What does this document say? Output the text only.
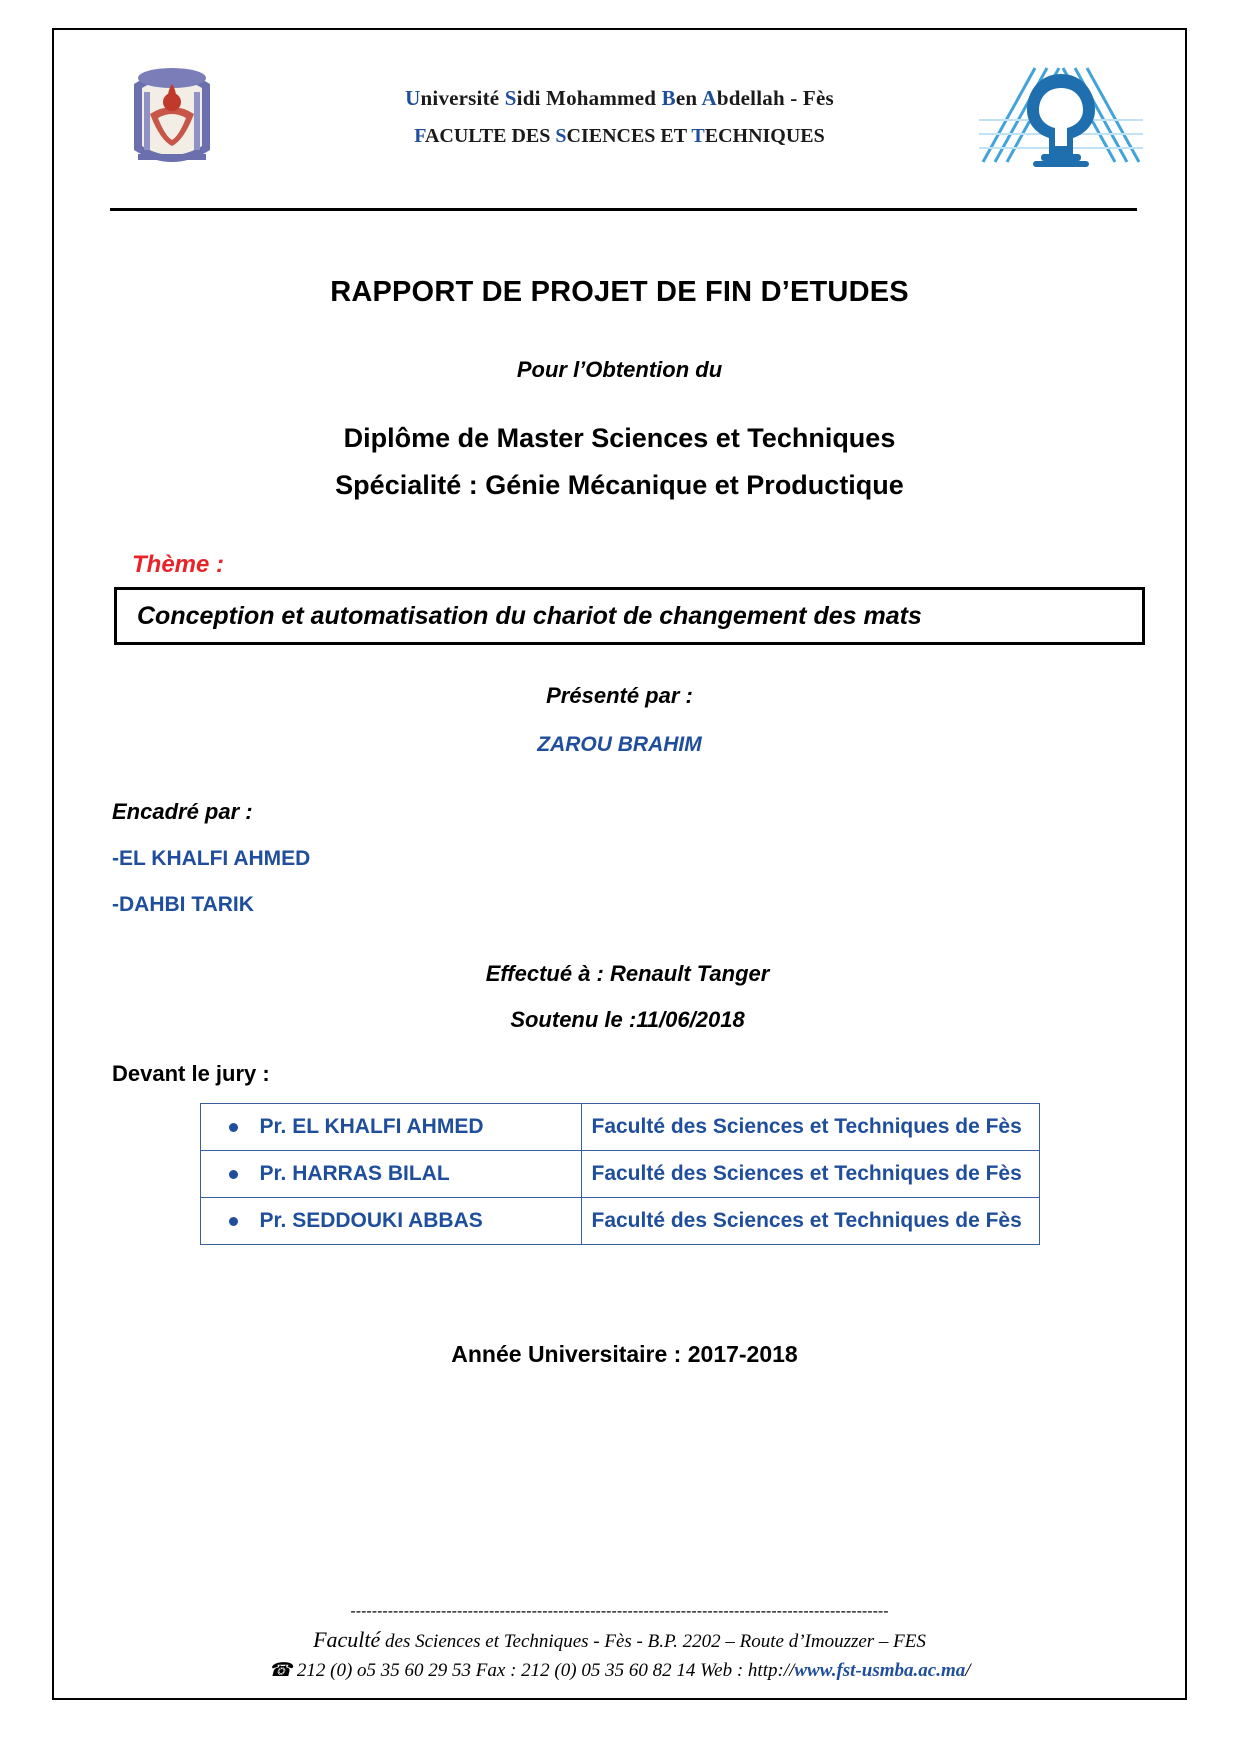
Université Sidi Mohammed Ben Abdellah - Fès
FACULTE DES SCIENCES ET TECHNIQUES
RAPPORT DE PROJET DE FIN D’ETUDES
Pour l’Obtention du
Diplôme de Master Sciences et Techniques
Spécialité : Génie Mécanique et Productique
Thème :
Conception et automatisation du chariot de changement des mats
Présenté par :
ZAROU BRAHIM
Encadré par :
-EL KHALFI AHMED
-DAHBI TARIK
Effectué à : Renault Tanger
Soutenu le :11/06/2018
Devant le jury :
Pr. EL KHALFI AHMED	Faculté des Sciences et Techniques de Fès

Pr. HARRAS BILAL	Faculté des Sciences et Techniques de Fès

Pr. SEDDOUKI ABBAS	Faculté des Sciences et Techniques de Fès
Année Universitaire : 2017-2018
-----------------------------------------------------------------------------------------------------
Faculté des Sciences et Techniques - Fès - B.P. 2202 – Route d’Imouzzer – FES
☎ 212 (0) o5 35 60 29 53 Fax : 212 (0) 05 35 60 82 14 Web : http://www.fst-usmba.ac.ma/
